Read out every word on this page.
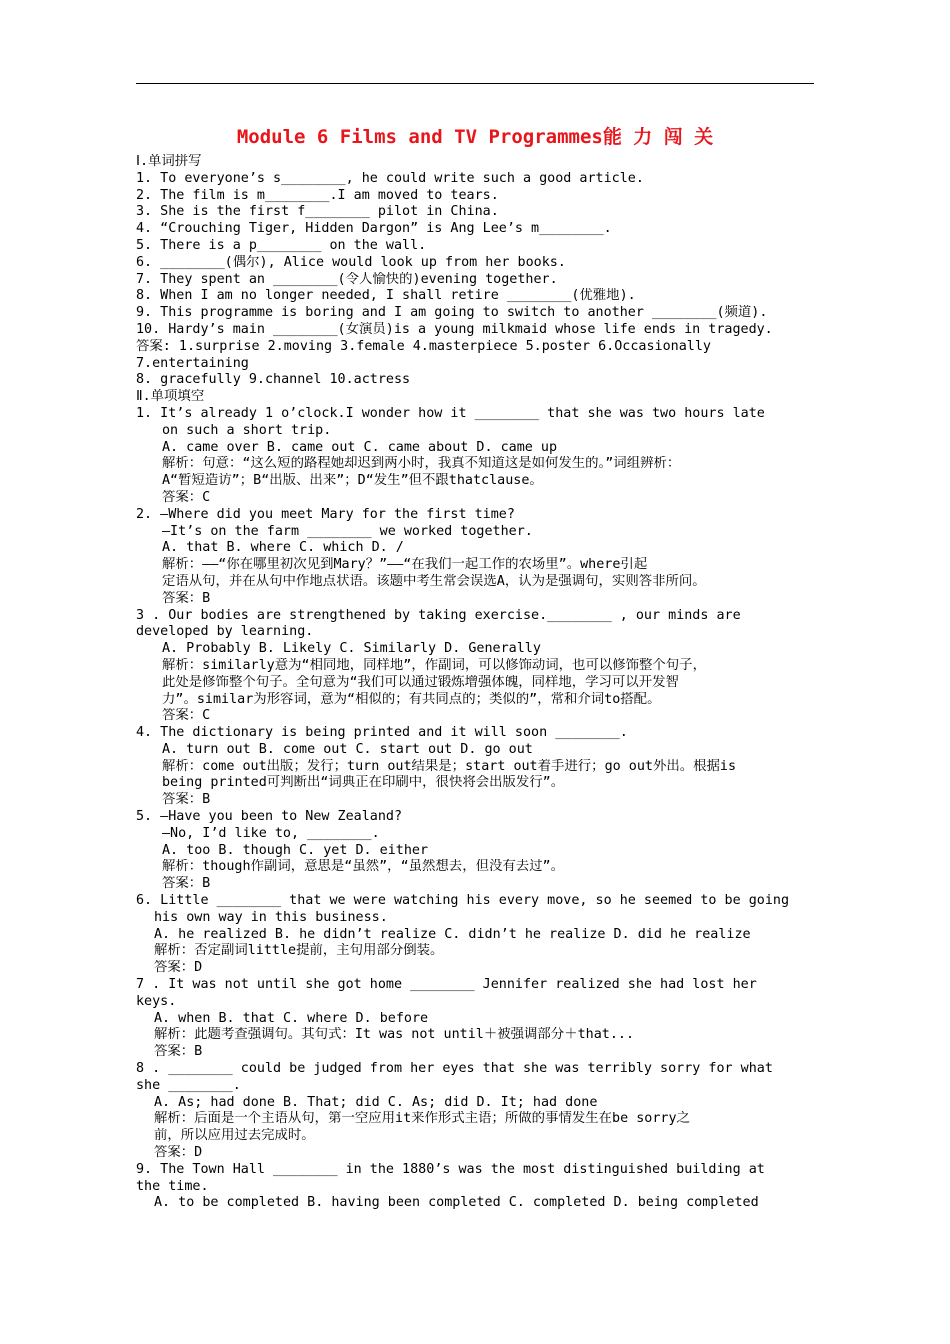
Module 6 Films and TV Programmes能 力 闯 关
Ⅰ.单词拼写
1. To everyone’s s________, he could write such a good article.
2. The film is m________.I am moved to tears.
3. She is the first f________ pilot in China.
4. “Crouching Tiger, Hidden Dargon” is Ang Lee’s m________.
5. There is a p________ on the wall.
6. ________(偶尔), Alice would look up from her books.
7. They spent an ________(令人愉快的)evening together.
8. When I am no longer needed, I shall retire ________(优雅地).
9. This programme is boring and I am going to switch to another ________(频道).
10. Hardy’s main ________(女演员)is a young milkmaid whose life ends in tragedy.
答案: 1.surprise 2.moving 3.female 4.masterpiece 5.poster 6.Occasionally
7.entertaining
8. gracefully 9.channel 10.actress
Ⅱ.单项填空
1. It’s already 1 o’clock.I wonder how it ________ that she was two hours late
on such a short trip.
A. came over B. came out C. came about D. came up
解析：句意：“这么短的路程她却迟到两小时，我真不知道这是如何发生的。”词组辨析：
A“暂短造访”；B“出版、出来”；D“发生”但不跟thatclause。
答案：C
2. —Where did you meet Mary for the first time?
—It’s on the farm ________ we worked together.
A. that B. where C. which D. /
解析：——“你在哪里初次见到Mary？”——“在我们一起工作的农场里”。where引起
定语从句，并在从句中作地点状语。该题中考生常会误选A，认为是强调句，实则答非所问。
答案：B
3 . Our bodies are strengthened by taking exercise.________ , our minds are
developed by learning.
A. Probably B. Likely C. Similarly D. Generally
解析：similarly意为“相同地，同样地”，作副词，可以修饰动词，也可以修饰整个句子，
此处是修饰整个句子。全句意为“我们可以通过锻炼增强体魄，同样地，学习可以开发智
力”。similar为形容词，意为“相似的；有共同点的；类似的”，常和介词to搭配。
答案：C
4. The dictionary is being printed and it will soon ________.
A. turn out B. come out C. start out D. go out
解析：come out出版；发行；turn out结果是；start out着手进行；go out外出。根据is
being printed可判断出“词典正在印刷中，很快将会出版发行”。
答案：B
5. —Have you been to New Zealand?
—No, I’d like to, ________.
A. too B. though C. yet D. either
解析：though作副词，意思是“虽然”，“虽然想去，但没有去过”。
答案：B
6. Little ________ that we were watching his every move, so he seemed to be going
his own way in this business.
A. he realized B. he didn’t realize C. didn’t he realize D. did he realize
解析：否定副词little提前，主句用部分倒装。
答案：D
7 . It was not until she got home ________ Jennifer realized she had lost her
keys.
A. when B. that C. where D. before
解析：此题考查强调句。其句式：It was not until＋被强调部分＋that...
答案：B
8 . ________ could be judged from her eyes that she was terribly sorry for what
she ________.
A. As; had done B. That; did C. As; did D. It; had done
解析：后面是一个主语从句，第一空应用it来作形式主语；所做的事情发生在be sorry之
前，所以应用过去完成时。
答案：D
9. The Town Hall ________ in the 1880’s was the most distinguished building at
the time.
A. to be completed B. having been completed C. completed D. being completed
